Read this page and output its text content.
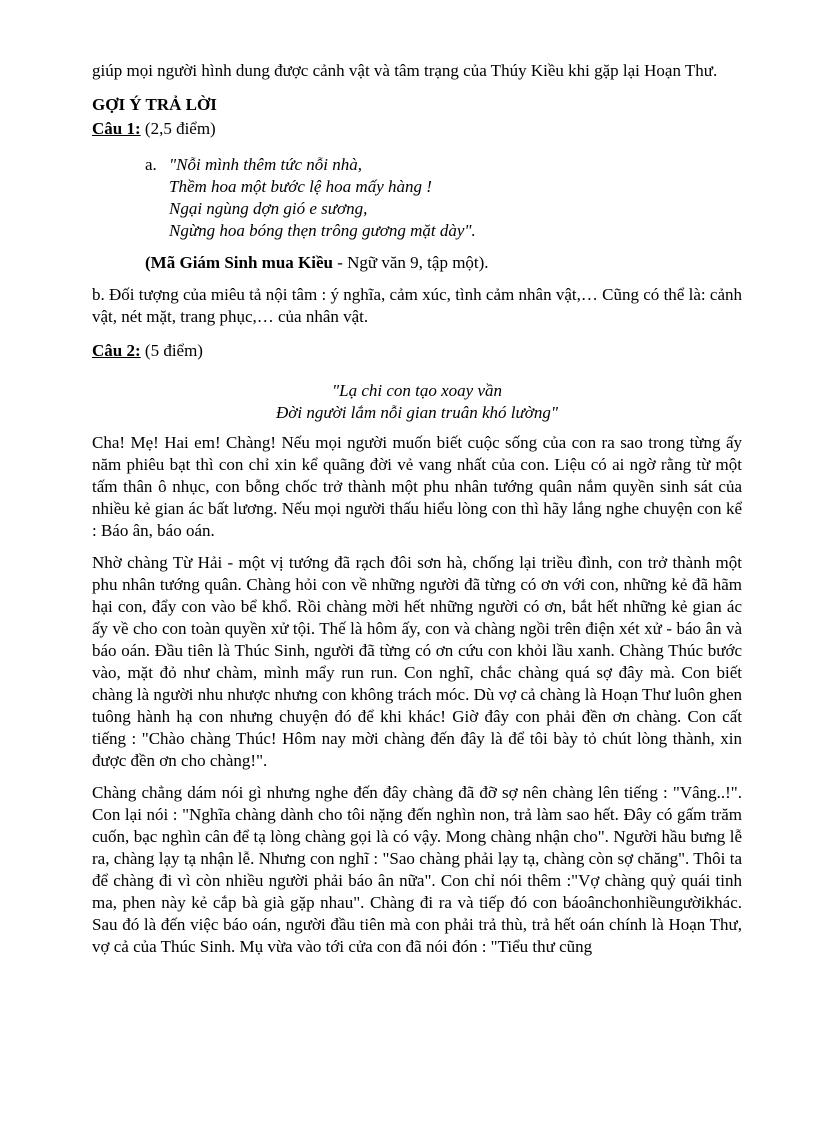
giúp mọi người hình dung được cảnh vật và tâm trạng của Thúy Kiều khi gặp lại Hoạn Thư.

GỢI Ý TRẢ LỜI

Câu 1: (2,5 điểm)

a. "Nỗi mình thêm tức nỗi nhà,
Thềm hoa một bước lệ hoa mấy hàng !
Ngại ngùng dợn gió e sương,
Ngừng hoa bóng thẹn trông gương mặt dày".

(Mã Giám Sinh mua Kiều - Ngữ văn 9, tập một).

b. Đối tượng của miêu tả nội tâm : ý nghĩa, cảm xúc, tình cảm nhân vật,… Cũng có thể là: cảnh vật, nét mặt, trang phục,… của nhân vật.

Câu 2: (5 điểm)

"Lạ chi con tạo xoay vần
Đời người lắm nỗi gian truân khó lường"

Cha! Mẹ! Hai em! Chàng! Nếu mọi người muốn biết cuộc sống của con ra sao trong từng ấy năm phiêu bạt thì con chỉ xin kể quãng đời vẻ vang nhất của con. Liệu có ai ngờ rằng từ một tấm thân ô nhục, con bỗng chốc trở thành một phu nhân tướng quân nắm quyền sinh sát của nhiều kẻ gian ác bất lương. Nếu mọi người thấu hiểu lòng con thì hãy lắng nghe chuyện con kể : Báo ân, báo oán.

Nhờ chàng Từ Hải - một vị tướng đã rạch đôi sơn hà, chống lại triều đình, con trở thành một phu nhân tướng quân. Chàng hỏi con về những người đã từng có ơn với con, những kẻ đã hãm hại con, đẩy con vào bể khổ. Rồi chàng mời hết những người có ơn, bắt hết những kẻ gian ác ấy về cho con toàn quyền xử tội. Thế là hôm ấy, con và chàng ngồi trên điện xét xử - báo ân và báo oán. Đầu tiên là Thúc Sinh, người đã từng có ơn cứu con khỏi lầu xanh. Chàng Thúc bước vào, mặt đỏ như chàm, mình mẩy run run. Con nghĩ, chắc chàng quá sợ đây mà. Con biết chàng là người nhu nhược nhưng con không trách móc. Dù vợ cả chàng là Hoạn Thư luôn ghen tuông hành hạ con nhưng chuyện đó để khi khác! Giờ đây con phải đền ơn chàng. Con cất tiếng : "Chào chàng Thúc! Hôm nay mời chàng đến đây là để tôi bày tỏ chút lòng thành, xin được đền ơn cho chàng!".

Chàng chẳng dám nói gì nhưng nghe đến đây chàng đã đỡ sợ nên chàng lên tiếng : "Vâng..!". Con lại nói : "Nghĩa chàng dành cho tôi nặng đến nghìn non, trả làm sao hết. Đây có gấm trăm cuốn, bạc nghìn cân để tạ lòng chàng gọi là có vậy. Mong chàng nhận cho". Người hầu bưng lễ ra, chàng lạy tạ nhận lễ. Nhưng con nghĩ : "Sao chàng phải lạy tạ, chàng còn sợ chăng". Thôi ta để chàng đi vì còn nhiều người phải báo ân nữa". Con chỉ nói thêm :"Vợ chàng quỷ quái tinh ma, phen này kẻ cắp bà già gặp nhau". Chàng đi ra và tiếp đó con báoânchonhiềungườikhác. Sau đó là đến việc báo oán, người đầu tiên mà con phải trả thù, trả hết oán chính là Hoạn Thư, vợ cả của Thúc Sinh. Mụ vừa vào tới cửa con đã nói đón : "Tiểu thư cũng
